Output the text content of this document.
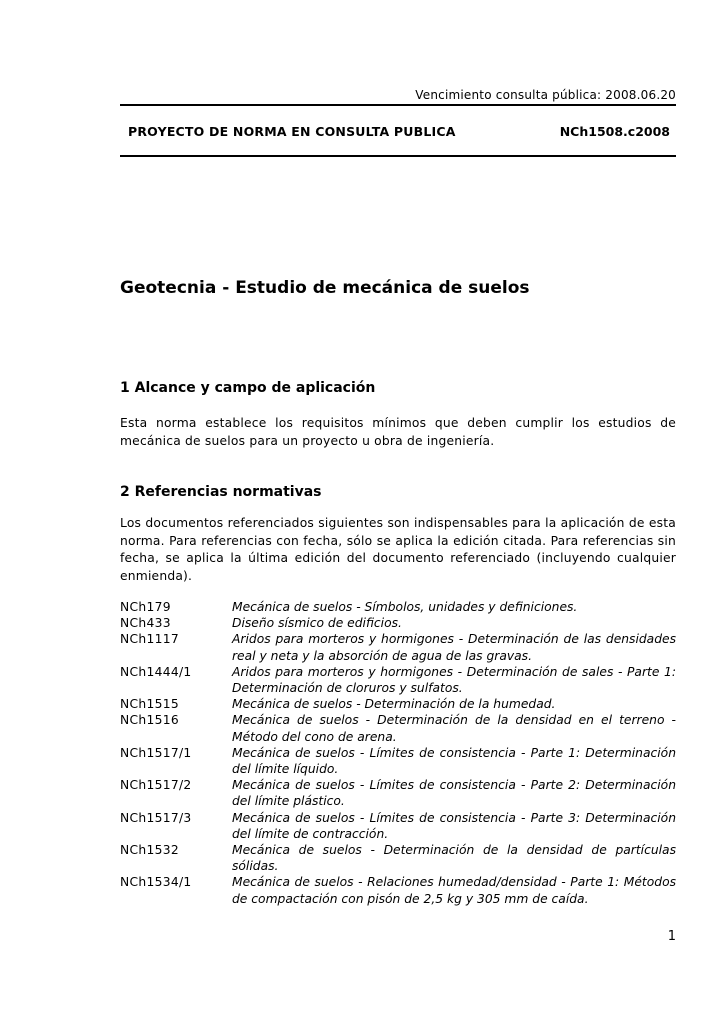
Vencimiento consulta pública: 2008.06.20
PROYECTO DE NORMA EN CONSULTA PUBLICA	NCh1508.c2008
Geotecnia - Estudio de mecánica de suelos
1 Alcance y campo de aplicación
Esta norma establece los requisitos mínimos que deben cumplir los estudios de mecánica de suelos para un proyecto u obra de ingeniería.
2 Referencias normativas
Los documentos referenciados siguientes son indispensables para la aplicación de esta norma. Para referencias con fecha, sólo se aplica la edición citada. Para referencias sin fecha, se aplica la última edición del documento referenciado (incluyendo cualquier enmienda).
NCh179	Mecánica de suelos - Símbolos, unidades y definiciones.
NCh433	Diseño sísmico de edificios.
NCh1117	Aridos para morteros y hormigones - Determinación de las densidades real y neta y la absorción de agua de las gravas.
NCh1444/1	Aridos para morteros y hormigones - Determinación de sales - Parte 1: Determinación de cloruros y sulfatos.
NCh1515	Mecánica de suelos - Determinación de la humedad.
NCh1516	Mecánica de suelos - Determinación de la densidad en el terreno - Método del cono de arena.
NCh1517/1	Mecánica de suelos - Límites de consistencia - Parte 1: Determinación del límite líquido.
NCh1517/2	Mecánica de suelos - Límites de consistencia - Parte 2: Determinación del límite plástico.
NCh1517/3	Mecánica de suelos - Límites de consistencia - Parte 3: Determinación del límite de contracción.
NCh1532	Mecánica de suelos - Determinación de la densidad de partículas sólidas.
NCh1534/1	Mecánica de suelos - Relaciones humedad/densidad - Parte 1: Métodos de compactación con pisón de 2,5 kg y 305 mm de caída.
1
